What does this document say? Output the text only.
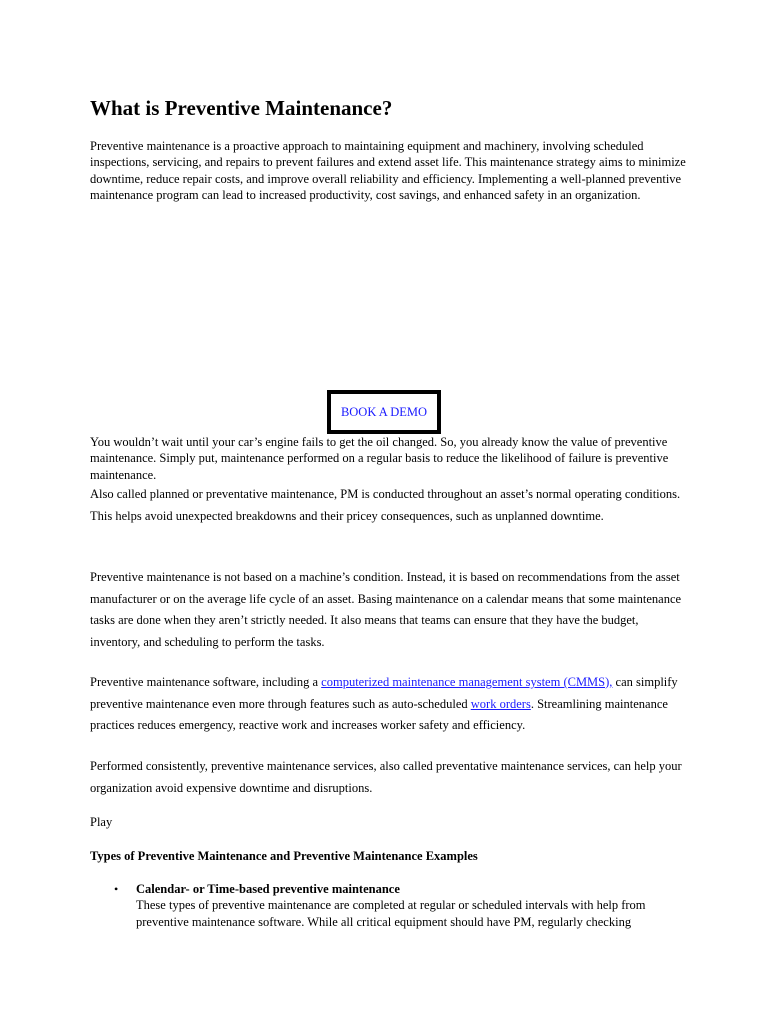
What is Preventive Maintenance?

Preventive maintenance is a proactive approach to maintaining equipment and machinery, involving scheduled inspections, servicing, and repairs to prevent failures and extend asset life. This maintenance strategy aims to minimize downtime, reduce repair costs, and improve overall reliability and efficiency. Implementing a well-planned preventive maintenance program can lead to increased productivity, cost savings, and enhanced safety in an organization.

BOOK A DEMO

You wouldn’t wait until your car’s engine fails to get the oil changed. So, you already know the value of preventive maintenance. Simply put, maintenance performed on a regular basis to reduce the likelihood of failure is preventive maintenance.

Also called planned or preventative maintenance, PM is conducted throughout an asset’s normal operating conditions. This helps avoid unexpected breakdowns and their pricey consequences, such as unplanned downtime.

Preventive maintenance is not based on a machine’s condition. Instead, it is based on recommendations from the asset manufacturer or on the average life cycle of an asset. Basing maintenance on a calendar means that some maintenance tasks are done when they aren’t strictly needed. It also means that teams can ensure that they have the budget, inventory, and scheduling to perform the tasks.

Preventive maintenance software, including a computerized maintenance management system (CMMS), can simplify preventive maintenance even more through features such as auto-scheduled work orders. Streamlining maintenance practices reduces emergency, reactive work and increases worker safety and efficiency.

Performed consistently, preventive maintenance services, also called preventative maintenance services, can help your organization avoid expensive downtime and disruptions.

Play

Types of Preventive Maintenance and Preventive Maintenance Examples
• Calendar- or Time-based preventive maintenance
These types of preventive maintenance are completed at regular or scheduled intervals with help from preventive maintenance software. While all critical equipment should have PM, regularly checking
